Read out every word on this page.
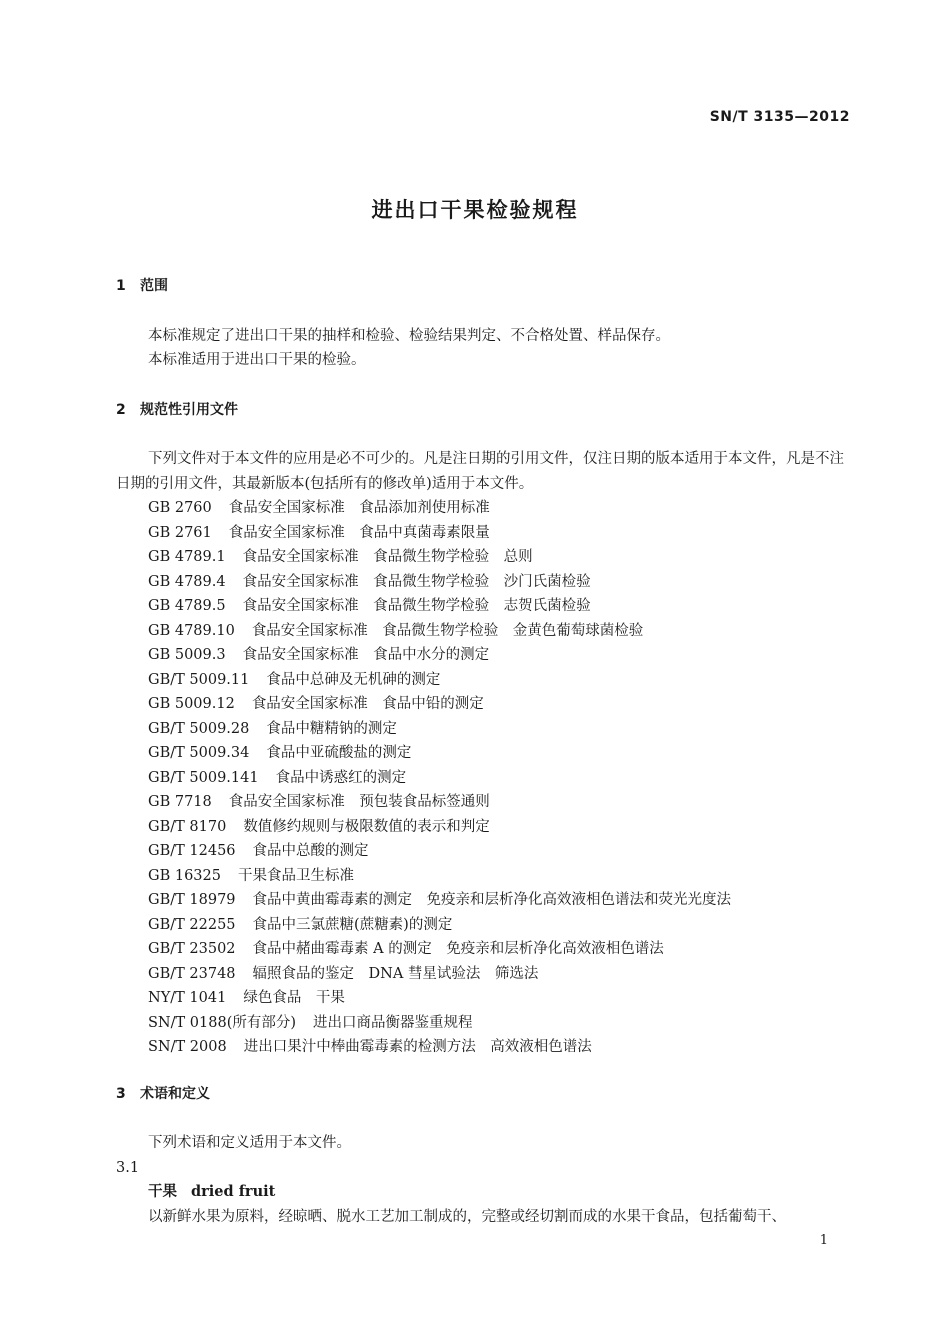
SN/T 3135—2012
进出口干果检验规程
1 范围

本标准规定了进出口干果的抽样和检验、检验结果判定、不合格处置、样品保存。

本标准适用于进出口干果的检验。

2 规范性引用文件

下列文件对于本文件的应用是必不可少的。凡是注日期的引用文件，仅注日期的版本适用于本文件，凡是不注日期的引用文件，其最新版本(包括所有的修改单)适用于本文件。

GB 2760 食品安全国家标准　食品添加剂使用标准
GB 2761 食品安全国家标准　食品中真菌毒素限量
GB 4789.1 食品安全国家标准　食品微生物学检验　总则
GB 4789.4 食品安全国家标准　食品微生物学检验　沙门氏菌检验
GB 4789.5 食品安全国家标准　食品微生物学检验　志贺氏菌检验
GB 4789.10 食品安全国家标准　食品微生物学检验　金黄色葡萄球菌检验
GB 5009.3 食品安全国家标准　食品中水分的测定
GB/T 5009.11 食品中总砷及无机砷的测定
GB 5009.12 食品安全国家标准　食品中铅的测定
GB/T 5009.28 食品中糖精钠的测定
GB/T 5009.34 食品中亚硫酸盐的测定
GB/T 5009.141 食品中诱惑红的测定
GB 7718 食品安全国家标准　预包装食品标签通则
GB/T 8170 数值修约规则与极限数值的表示和判定
GB/T 12456 食品中总酸的测定
GB 16325 干果食品卫生标准
GB/T 18979 食品中黄曲霉毒素的测定　免疫亲和层析净化高效液相色谱法和荧光光度法
GB/T 22255 食品中三氯蔗糖(蔗糖素)的测定
GB/T 23502 食品中赭曲霉毒素 A 的测定　免疫亲和层析净化高效液相色谱法
GB/T 23748 辐照食品的鉴定　DNA 彗星试验法　筛选法
NY/T 1041 绿色食品　干果
SN/T 0188(所有部分) 进出口商品衡器鉴重规程
SN/T 2008 进出口果汁中棒曲霉毒素的检测方法　高效液相色谱法
3 术语和定义
下列术语和定义适用于本文件。
3.1
干果 dried fruit
以新鲜水果为原料，经晾晒、脱水工艺加工制成的，完整或经切割而成的水果干食品，包括葡萄干、
1
